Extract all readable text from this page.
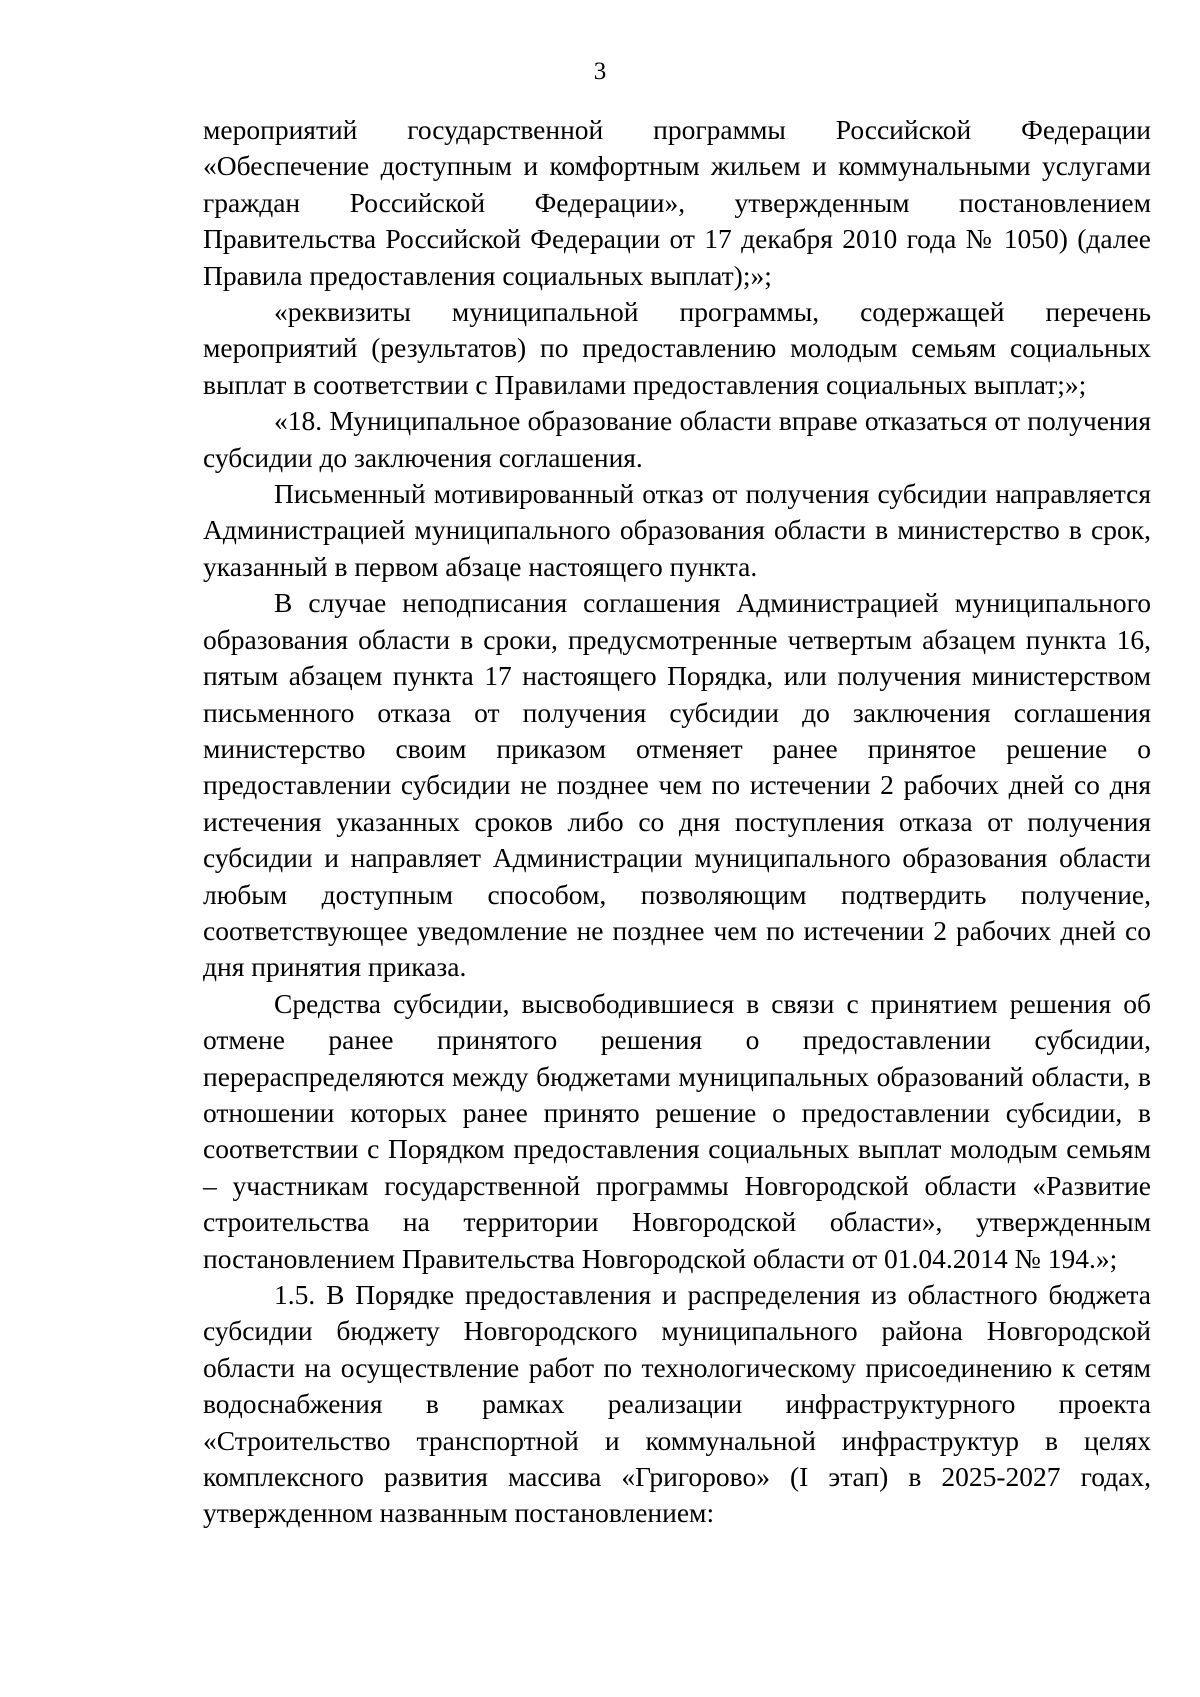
3

мероприятий государственной программы Российской Федерации «Обеспечение доступным и комфортным жильем и коммунальными услугами граждан Российской Федерации», утвержденным постановлением Правительства Российской Федерации от 17 декабря 2010 года № 1050) (далее Правила предоставления социальных выплат);»;

«реквизиты муниципальной программы, содержащей перечень мероприятий (результатов) по предоставлению молодым семьям социальных выплат в соответствии с Правилами предоставления социальных выплат;»;

«18. Муниципальное образование области вправе отказаться от получения субсидии до заключения соглашения.

Письменный мотивированный отказ от получения субсидии направляется Администрацией муниципального образования области в министерство в срок, указанный в первом абзаце настоящего пункта.

В случае неподписания соглашения Администрацией муниципального образования области в сроки, предусмотренные четвертым абзацем пункта 16, пятым абзацем пункта 17 настоящего Порядка, или получения министерством письменного отказа от получения субсидии до заключения соглашения министерство своим приказом отменяет ранее принятое решение о предоставлении субсидии не позднее чем по истечении 2 рабочих дней со дня истечения указанных сроков либо со дня поступления отказа от получения субсидии и направляет Администрации муниципального образования области любым доступным способом, позволяющим подтвердить получение, соответствующее уведомление не позднее чем по истечении 2 рабочих дней со дня принятия приказа.

Средства субсидии, высвободившиеся в связи с принятием решения об отмене ранее принятого решения о предоставлении субсидии, перераспределяются между бюджетами муниципальных образований области, в отношении которых ранее принято решение о предоставлении субсидии, в соответствии с Порядком предоставления социальных выплат молодым семьям – участникам государственной программы Новгородской области «Развитие строительства на территории Новгородской области», утвержденным постановлением Правительства Новгородской области от 01.04.2014 № 194.»;

1.5. В Порядке предоставления и распределения из областного бюджета субсидии бюджету Новгородского муниципального района Новгородской области на осуществление работ по технологическому присоединению к сетям водоснабжения в рамках реализации инфраструктурного проекта «Строительство транспортной и коммунальной инфраструктур в целях комплексного развития массива «Григорово» (I этап) в 2025-2027 годах, утвержденном названным постановлением:
